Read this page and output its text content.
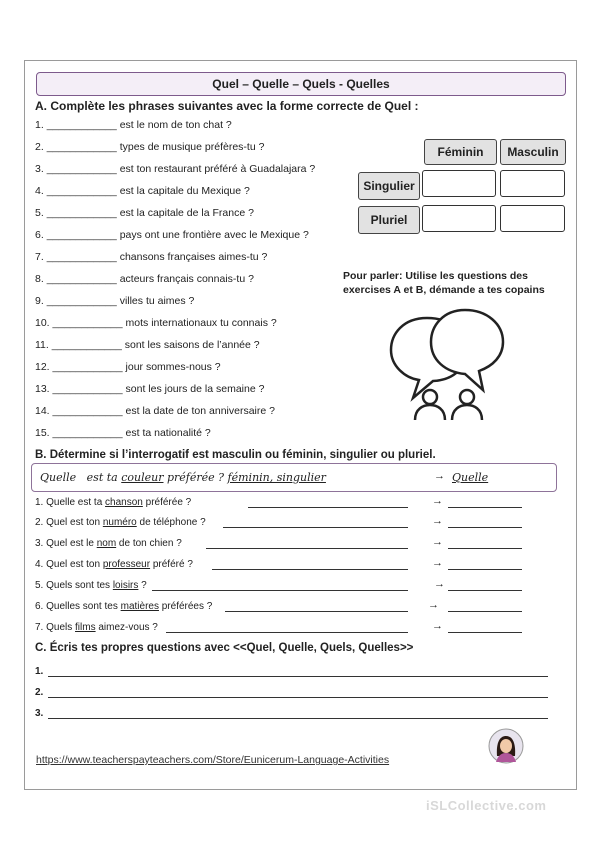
Quel – Quelle – Quels - Quelles
A. Complète les phrases suivantes avec la forme correcte de Quel :
1. ____________ est le nom de ton chat ?
2. ____________ types de musique préfères-tu ?
3. ____________ est ton restaurant préféré à Guadalajara ?
4. ____________ est la capitale du Mexique ?
5. ____________ est la capitale de la France ?
6. ____________ pays ont une frontière avec le Mexique ?
7. ____________ chansons françaises aimes-tu ?
8. ____________ acteurs français connais-tu ?
9. ____________ villes tu aimes ?
10. ____________ mots internationaux tu connais ?
11. ____________ sont les saisons de l’année ?
12. ____________ jour sommes-nous ?
13. ____________ sont les jours de la semaine ?
14. ____________ est la date de ton anniversaire ?
15. ____________ est ta nationalité ?
Féminin	Masculin
Singulier
Pluriel
Pour parler: Utilise les questions des exercises A et B, démande a tes copains
B. Détermine si l’interrogatif est masculin ou féminin, singulier ou pluriel.
Quelle est ta couleur préférée ? féminin, singulier	→ Quelle
1. Quelle est ta chanson préférée ?	→
2. Quel est ton numéro de téléphone ?	→
3. Quel est le nom de ton chien ?	→
4. Quel est ton professeur préféré ?	→
5. Quels sont tes loisirs ?	→
6. Quelles sont tes matières préférées ?	→
7. Quels films aimez-vous ?	→
C. Écris tes propres questions avec <<Quel, Quelle, Quels, Quelles>>
1.
2.
3.
https://www.teacherspayteachers.com/Store/Eunicerum-Language-Activities
iSLCollective.com
